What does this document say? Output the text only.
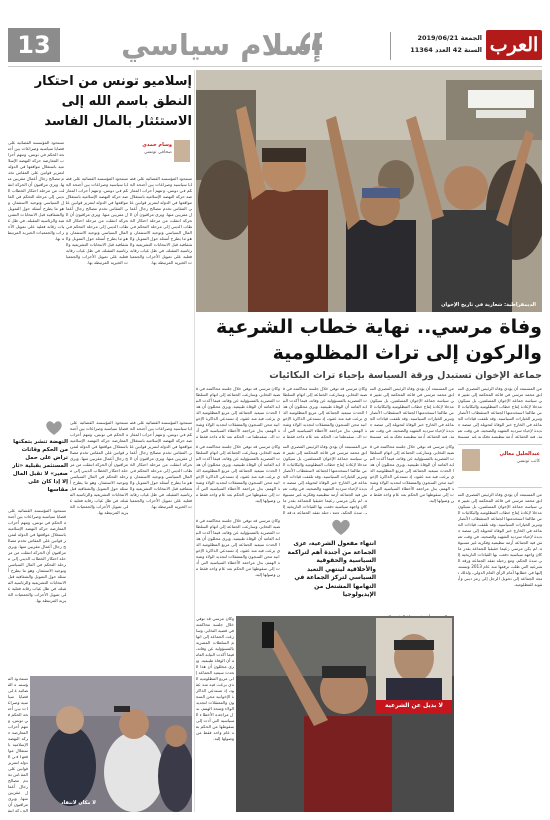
العرب
الجمعة 2019/06/21
السنة 42 العدد 11364
إسلام سياسي
13
الديمقراطية: شعارية في تاريخ الإخوان
وفاة مرسي.. نهاية خطاب الشرعية
والركون إلى تراث المظلومية
جماعة الإخوان تستبدل ورقة السياسة بإحياء تراث البكائيات
من المستبعد أن يؤدي وفاة الرئيس المصري السابق محمد مرسي في قاعة المحكمة إلى تغيير في سياسة جماعة الإخوان المسلمين، بل سيكون مدخلا لإعادة إنتاج خطاب المظلومية والبكائيات التي طالما استخدمتها الجماعة لاستقطاب الأنصار وتبرير الخيارات السياسية. وقد تلقفت قيادات الجماعة في الخارج خبر الوفاة لتحويله إلى منصة جديدة لإحياء سردية الشهيد والضحية، في وقت تعيش فيه الجماعة أزمة تنظيمية وفكرية غير مسبوق
من المستبعد أن يؤدي وفاة الرئيس المصري السابق محمد مرسي في قاعة المحكمة إلى تغيير في سياسة جماعة الإخوان المسلمين، بل سيكون مدخلا لإعادة إنتاج خطاب المظلومية والبكائيات التي طالما استخدمتها الجماعة لاستقطاب الأنصار وتبرير الخيارات السياسية. وقد تلقفت قيادات الجماعة في الخارج خبر الوفاة لتحويله إلى منصة جديدة لإحياء سردية الشهيد والضحية، في وقت تعيش فيه الجماعة أزمة تنظيمية وفكرية غير مسبوق
وكان مرسي قد توفي خلال جلسة محاكمته في قضية التخابر، وسارعت الجماعة إلى اتهام السلطات المصرية بالمسؤولية عن وفاته، فيما أكدت النيابة العامة أن الوفاة طبيعية. ويرى محللون أن هذا الحدث سيعيد الجماعة إلى مربع المظلومية الذي برعت فيه منذ عقود، إذ تستدعي الذاكرة الإخوانية محن السجون والمعتقلات لتجديد الولاء وشحذ الهمم، بدل مراجعة الأخطاء السياسية التي أدت إلى سقوطها من الحكم بعد عام واحد فقط م
وكان مرسي قد توفي خلال جلسة محاكمته في قضية التخابر، وسارعت الجماعة إلى اتهام السلطات المصرية بالمسؤولية عن وفاته، فيما أكدت النيابة العامة أن الوفاة طبيعية. ويرى محللون أن هذا الحدث سيعيد الجماعة إلى مربع المظلومية الذي برعت فيه منذ عقود، إذ تستدعي الذاكرة الإخوانية محن السجون والمعتقلات لتجديد الولاء وشحذ الهمم، بدل مراجعة الأخطاء السياسية التي أدت إلى سقوطها من الحكم بعد عام واحد فقط م
عبدالجليل معالي
كاتب تونسي
من المستبعد أن يؤدي وفاة الرئيس المصري السابق محمد مرسي في قاعة المحكمة إلى تغيير في سياسة جماعة الإخوان المسلمين، بل سيكون مدخلا لإعادة إنتاج خطاب المظلومية والبكائيات التي طالما استخدمتها الجماعة لاستقطاب الأنصار وتبرير الخيارات السياسية. وقد تلقفت قيادات الجماعة في الخارج خبر الوفاة لتحويله إلى منصة جديدة لإحياء سردية الشهيد والضحية، في وقت تعيش فيه الجماعة أزمة تنظيمية وفكرية غير مسبوقة. لم يكن مرسي زعيما حقيقيا للجماعة بقدر ما كان واجهة سياسية دفعت بها القيادات التاريخية إلى سدة الحكم، ومع رحيله تفقد الجماعة ورقة الشرعية التي ظلت ترفعها منذ عام 2013 وتستند إليها في خطابها أمام الرأي العام الدولي، ولذلك تتجه الجماعة إلى تحويل الرجل إلى رمز ديني وأيقونة للمظلومية.
وكان مرسي قد توفي خلال جلسة محاكمته في قضية التخابر، وسارعت الجماعة إلى اتهام السلطات المصرية بالمسؤولية عن وفاته، فيما أكدت النيابة العامة أن الوفاة طبيعية. ويرى محللون أن هذا الحدث سيعيد الجماعة إلى مربع المظلومية الذي برعت فيه منذ عقود، إذ تستدعي الذاكرة الإخوانية محن السجون والمعتقلات لتجديد الولاء وشحذ الهمم، بدل مراجعة الأخطاء السياسية التي أدت إلى سقوطها من الحكم بعد عام واحد فقط من وصولها إليه.
من المستبعد أن يؤدي وفاة الرئيس المصري السابق محمد مرسي في قاعة المحكمة إلى تغيير في سياسة جماعة الإخوان المسلمين، بل سيكون مدخلا لإعادة إنتاج خطاب المظلومية والبكائيات التي طالما استخدمتها الجماعة لاستقطاب الأنصار وتبرير الخيارات السياسية. وقد تلقفت قيادات الجماعة في الخارج خبر الوفاة لتحويله إلى منصة جديدة لإحياء سردية الشهيد والضحية، في وقت تعيش فيه الجماعة أزمة تنظيمية وفكرية غير مسبوقة. لم يكن مرسي زعيما حقيقيا للجماعة بقدر ما كان واجهة سياسية دفعت بها القيادات التاريخية إلى سدة الحكم، ومع رحيله تفقد الجماعة ورقة ال
وكان مرسي قد توفي خلال جلسة محاكمته في قضية التخابر، وسارعت الجماعة إلى اتهام السلطات المصرية بالمسؤولية عن وفاته، فيما أكدت النيابة العامة أن الوفاة طبيعية. ويرى محللون أن هذا الحدث سيعيد الجماعة إلى مربع المظلومية الذي برعت فيه منذ عقود، إذ تستدعي الذاكرة الإخوانية محن السجون والمعتقلات لتجديد الولاء وشحذ الهمم، بدل مراجعة الأخطاء السياسية التي أدت إلى سقوطها من الحكم بعد عام واحد فقط من وصولها إليه.
انتهاء مفعول الشرعية، عزى الجماعة من أجندة أهم لتراكمة السياسية والحقوقية والأخلاقية لينتهي التعبد السياسي لتركز الجماعة في التهامها المشتغل من الإيديولوجيا
وكان مرسي قد توفي خلال جلسة محاكمته في قضية التخابر، وسارعت الجماعة إلى اتهام السلطات المصرية بالمسؤولية عن وفاته، فيما أكدت النيابة العامة أن الوفاة طبيعية. ويرى محللون أن هذا الحدث سيعيد الجماعة إلى مربع المظلومية الذي برعت فيه منذ عقود، إذ تستدعي الذاكرة الإخوانية محن السجون والمعتقلات لتجديد الولاء وشحذ الهمم، بدل مراجعة الأخطاء السياسية التي أدت إلى سقوطها من الحكم بعد عام واحد فقط من وصولها إليه.
لا بديل عن الشرعية
وكان مرسي قد توفي خلال جلسة محاكمته في قضية التخابر، وسارعت الجماعة إلى اتهام السلطات المصرية بالمسؤولية عن وفاته، فيما أكدت النيابة العامة أن الوفاة طبيعية. ويرى محللون أن هذا الحدث سيعيد الجماعة إلى مربع المظلومية الذي برعت فيه منذ عقود، إذ تستدعي الذاكرة الإخوانية محن السجون والمعتقلات لتجديد الولاء وشحذ الهمم، بدل مراجعة الأخطاء السياسية التي أدت إلى سقوطها من الحكم بعد عام واحد فقط من وصولها إليه.
إسلاميو تونس من احتكار النطق باسم الله إلى الاستئثار بالمال الفاسد
وسام حمدي
صحافي تونسي
تستحوذ المؤسسة القضائية على قضايا سياسية وصراعات بين أجنحة الحكم في تونس، وتتهم أحزاب المعارضة حركة النهضة الإسلامية باستغلال مواقعها في الدولة لتمرير قوانين على المقاس تخدم مصالح رجال أعمال مقربين منها. ويرى مراقبون أن الحركة انتقلت من مرحلة احتكار الخطاب الديني إلى مرحلة التحكم في المال السياسي وتوجيه الاستثمار، وهو ما يطرح أسئلة حول التمويل والشفافية قبل الانتخابات التشريعية والرئاسية المقبلة، في ظل غياب رقابة فعلية على تمويل الأحزاب والجمعيات الخيرية المرتبطة بها.
تستحوذ المؤسسة القضائية على قضايا سياسية وصراعات بين أجنحة الحكم في تونس، وتتهم أحزاب المعارضة حركة النهضة الإسلامية باستغلال مواقعها في الدولة لتمرير قوانين على المقاس تخدم مصالح رجال أعمال مقربين منها. ويرى مراقبون أن الحركة انتقلت من مرحلة احتكار الخطاب الديني إلى مرحلة التحكم في المال السياسي وتوجيه الاستثمار، وهو ما يطرح أسئلة حول التمويل والشفافية قبل الانتخابات التشريعية والرئاسية المقبلة، في ظل غياب رقابة فعلية على تمويل الأحزاب والجمعيات الخيرية المرتبطة بها.
تستحوذ المؤسسة القضائية على قضايا سياسية وصراعات بين أجنحة الحكم في تونس، وتتهم أحزاب المعارضة حركة النهضة الإسلامية باستغلال مواقعها في الدولة لتمرير قوانين على المقاس تخدم مصالح رجال أعمال مقربين منها. ويرى مراقبون أن الحركة انتقلت من مرحلة احتكار الخطاب الديني إلى مرحلة التحكم في المال السياسي وتوجيه الاستثمار، وهو ما يطرح أسئلة حول التمويل والشفافية قبل الانتخابات التشريعية والرئاسية المقبلة، في ظل غياب رقابة فعلية على تمويل الأحزاب والجمعيات الخيرية المرتبطة بها.
النهضة تنشر بتمكنها من الحكم وقانات تراض على حمل المستثمر بقبلية «ثار صغير» لا تقبل المال إلا إذا كان على مقاسها
تستحوذ المؤسسة القضائية على قضايا سياسية وصراعات بين أجنحة الحكم في تونس، وتتهم أحزاب المعارضة حركة النهضة الإسلامية باستغلال مواقعها في الدولة لتمرير قوانين على المقاس تخدم مصالح رجال أعمال مقربين منها. ويرى مراقبون أن الحركة انتقلت من مرحلة احتكار الخطاب الديني إلى مرحلة التحكم في المال السياسي وتوجيه الاستثمار، وهو ما يطرح أسئلة حول التمويل والشفافية قبل الانتخابات التشريعية والرئاسية المقبلة، في ظل غياب رقابة فعلية على تمويل الأحزاب والجمعيات الخيرية المرتبطة بها.
تستحوذ المؤسسة القضائية على قضايا سياسية وصراعات بين أجنحة الحكم في تونس، وتتهم أحزاب المعارضة حركة النهضة الإسلامية باستغلال مواقعها في الدولة لتمرير قوانين على المقاس تخدم مصالح رجال أعمال مقربين منها. ويرى مراقبون أن الحركة انتقلت من مرحلة احتكار الخطاب الديني إلى مرحلة التحكم في المال السياسي وتوجيه الاستثمار، وهو ما يطرح أسئلة حول التمويل والشفافية قبل الانتخابات التشريعية والرئاسية المقبلة، في ظل غياب رقابة فعلية على تمويل الأحزاب والجمعيات الخيرية المرتبطة بها.
تستحوذ المؤسسة القضائية على قضايا سياسية وصراعات بين أجنحة الحكم في تونس، وتتهم أحزاب المعارضة حركة النهضة الإسلامية باستغلال مواقعها في الدولة لتمرير قوانين على المقاس تخدم مصالح رجال أعمال مقربين منها. ويرى مراقبون أن الحركة انتقلت من مرحلة احتكار الخطاب الديني إلى مرحلة التحكم في المال السياسي وتوجيه الاستثمار، وهو ما يطرح أسئلة حول التمويل والشفافية قبل الانتخابات التشريعية والرئاسية المقبلة، في ظل غياب رقابة فعلية على تمويل الأحزاب والجمعيات الخيرية المرتبطة بها.
لا مكان لانتقاد
تستحوذ المؤسسة القضائية على قضايا سياسية وصراعات بين أجنحة الحكم في تونس، وتتهم أحزاب المعارضة حركة النهضة الإسلامية باستغلال مواقعها في الدولة لتمرير قوانين على المقاس تخدم مصالح رجال أعمال مقربين منها. ويرى مراقبون أن الحركة انتق
